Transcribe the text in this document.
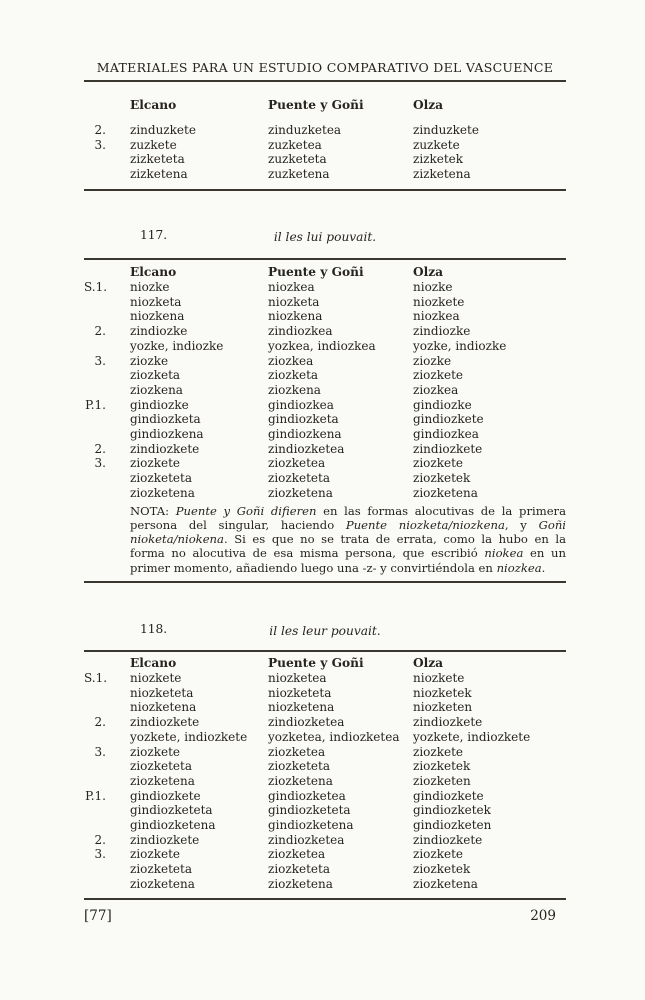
MATERIALES PARA UN ESTUDIO COMPARATIVO DEL VASCUENCE
Elcano	Puente y Goñi	Olza
2.	zinduzkete	zinduzketea	zinduzkete
3.	zuzkete	zuzketea	zuzkete
zizketeta	zuzketeta	zizketek
zizketena	zuzketena	zizketena
117.	il les lui pouvait.
Elcano	Puente y Goñi	Olza
S.1.	niozke	niozkea	niozke
niozketa	niozketa	niozkete
niozkena	niozkena	niozkea
2.	zindiozke	zindiozkea	zindiozke
yozke, indiozke	yozkea, indiozkea	yozke, indiozke
3.	ziozke	ziozkea	ziozke
ziozketa	ziozketa	ziozkete
ziozkena	ziozkena	ziozkea
P.1.	gindiozke	gindiozkea	gindiozke
gindiozketa	gindiozketa	gindiozkete
gindiozkena	gindiozkena	gindiozkea
2.	zindiozkete	zindiozketea	zindiozkete
3.	ziozkete	ziozketea	ziozkete
ziozketeta	ziozketeta	ziozketek
ziozketena	ziozketena	ziozketena

NOTA: Puente y Goñi difieren en las formas alocutivas de la primera persona del singular, haciendo Puente niozketa/niozkena, y Goñi nioketa/niokena. Si es que no se trata de errata, como la hubo en la forma no alocutiva de esa misma persona, que escribió niokea en un primer momento, añadiendo luego una -z- y convirtiéndola en niozkea.

118.	il les leur pouvait.
Elcano	Puente y Goñi	Olza
S.1.	niozkete	niozketea	niozkete
niozketeta	niozketeta	niozketek
niozketena	niozketena	niozketen
2.	zindiozkete	zindiozketea	zindiozkete
yozkete, indiozkete	yozketea, indiozketea	yozkete, indiozkete
3.	ziozkete	ziozketea	ziozkete
ziozketeta	ziozketeta	ziozketek
ziozketena	ziozketena	ziozketen
P.1.	gindiozkete	gindiozketea	gindiozkete
gindiozketeta	gindiozketeta	gindiozketek
gindiozketena	gindiozketena	gindiozketen
2.	zindiozkete	zindiozketea	zindiozkete
3.	ziozkete	ziozketea	ziozkete
ziozketeta	ziozketeta	ziozketek
ziozketena	ziozketena	ziozketena
[77]	209
